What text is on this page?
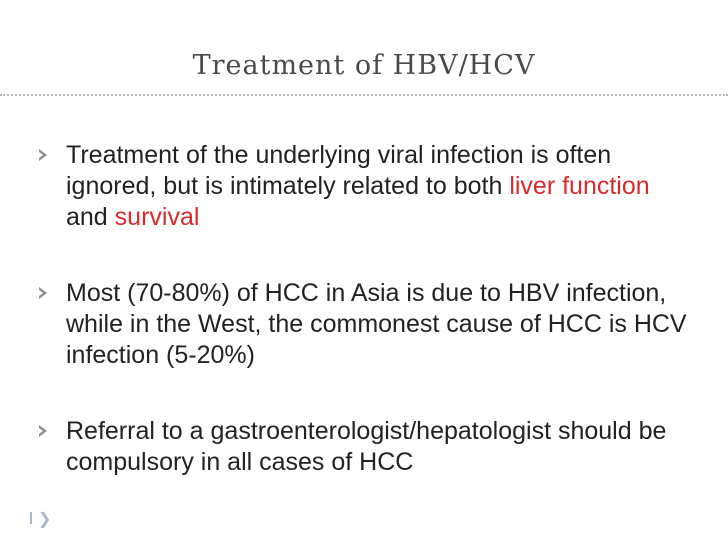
Treatment of HBV/HCV
Treatment of the underlying viral infection is often ignored, but is intimately related to both liver function and survival
Most (70-80%) of HCC in Asia is due to HBV infection, while in the West, the commonest cause of HCC is HCV infection (5-20%)
Referral to a gastroenterologist/hepatologist should be compulsory in all cases of HCC
❯
